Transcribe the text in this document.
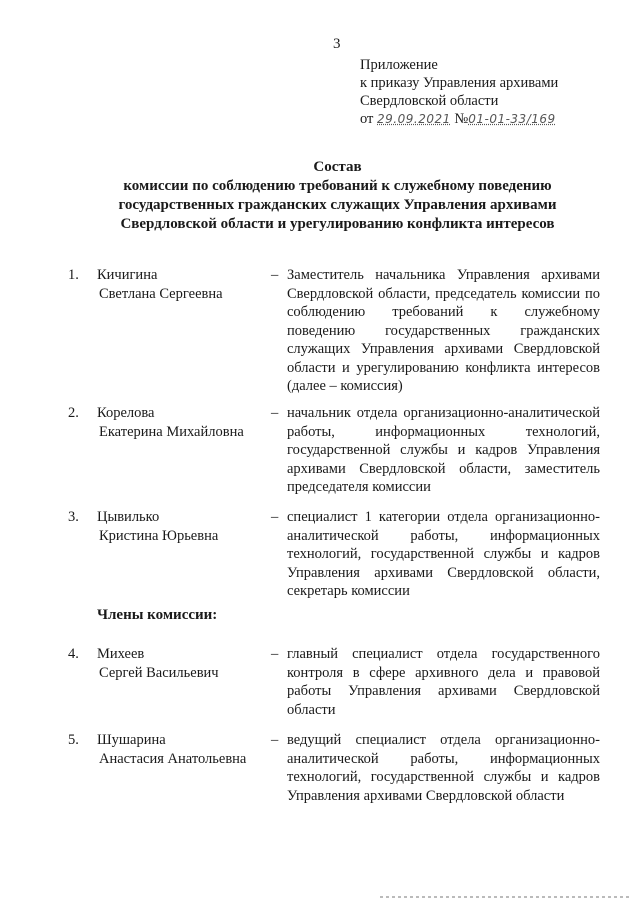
3
Приложение
к приказу Управления архивами
Свердловской области
от 29.09.2021 №01-01-33/169
Состав
комиссии по соблюдению требований к служебному поведению
государственных гражданских служащих Управления архивами
Свердловской области и урегулированию конфликта интересов
1. Кичигина
Светлана Сергеевна
– Заместитель начальника Управления архивами Свердловской области, председатель комиссии по соблюдению требований к служебному поведению государственных гражданских служащих Управления архивами Свердловской области и урегулированию конфликта интересов (далее – комиссия)
2. Корелова
Екатерина Михайловна
– начальник отдела организационно-аналитической работы, информационных технологий, государственной службы и кадров Управления архивами Свердловской области, заместитель председателя комиссии
3. Цывилько
Кристина Юрьевна
– специалист 1 категории отдела организационно-аналитической работы, информационных технологий, государственной службы и кадров Управления архивами Свердловской области, секретарь комиссии
Члены комиссии:
4. Михеев
Сергей Васильевич
– главный специалист отдела государственного контроля в сфере архивного дела и правовой работы Управления архивами Свердловской области
5. Шушарина
Анастасия Анатольевна
– ведущий специалист отдела организационно-аналитической работы, информационных технологий, государственной службы и кадров Управления архивами Свердловской области
